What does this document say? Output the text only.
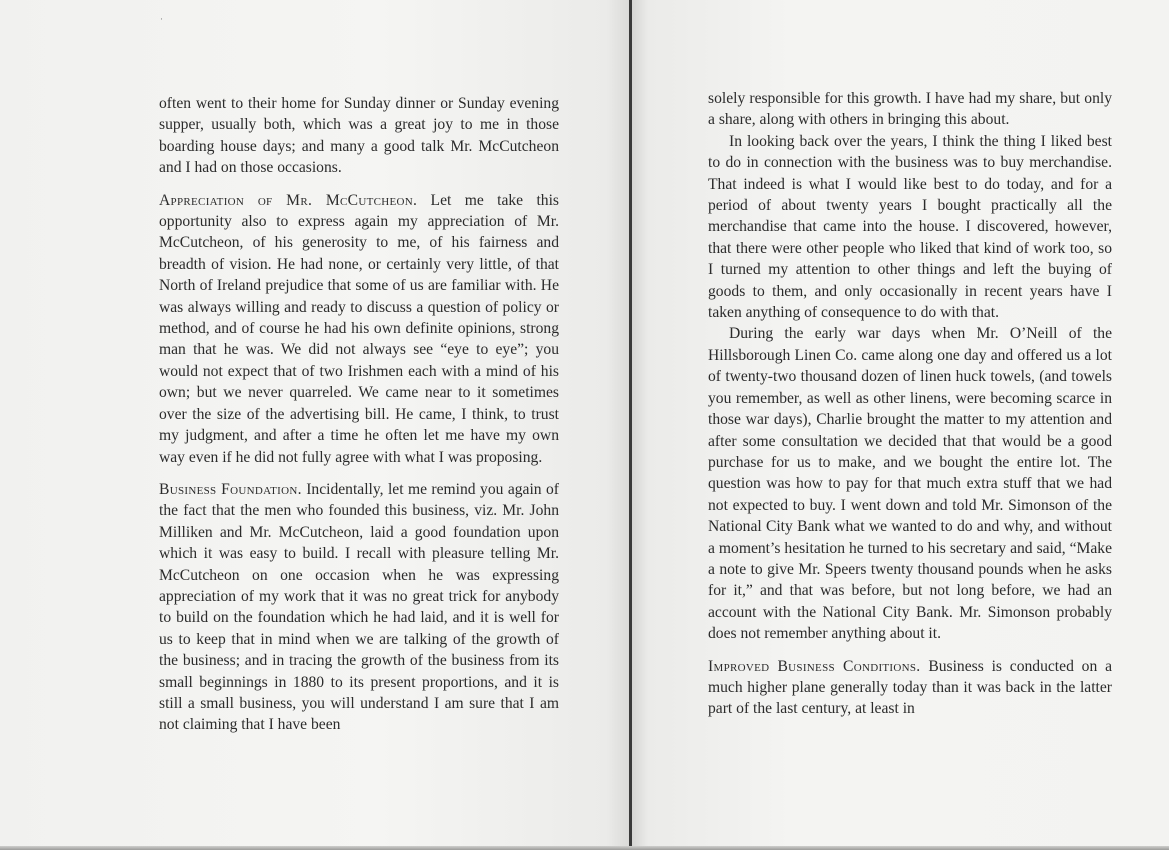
·

often went to their home for Sunday dinner or Sunday evening supper, usually both, which was a great joy to me in those boarding house days; and many a good talk Mr. McCutcheon and I had on those occasions.

Appreciation of Mr. McCutcheon. Let me take this opportunity also to express again my appreciation of Mr. McCutcheon, of his generosity to me, of his fairness and breadth of vision. He had none, or certainly very little, of that North of Ireland prejudice that some of us are familiar with. He was always willing and ready to discuss a question of policy or method, and of course he had his own definite opinions, strong man that he was. We did not always see “eye to eye”; you would not expect that of two Irishmen each with a mind of his own; but we never quarreled. We came near to it sometimes over the size of the advertising bill. He came, I think, to trust my judgment, and after a time he often let me have my own way even if he did not fully agree with what I was proposing.

Business Foundation. Incidentally, let me remind you again of the fact that the men who founded this business, viz. Mr. John Milliken and Mr. McCutcheon, laid a good foundation upon which it was easy to build. I recall with pleasure telling Mr. McCutcheon on one occasion when he was expressing appreciation of my work that it was no great trick for anybody to build on the foundation which he had laid, and it is well for us to keep that in mind when we are talking of the growth of the business; and in tracing the growth of the business from its small beginnings in 1880 to its present proportions, and it is still a small business, you will understand I am sure that I am not claiming that I have been

solely responsible for this growth. I have had my share, but only a share, along with others in bringing this about.

In looking back over the years, I think the thing I liked best to do in connection with the business was to buy merchandise. That indeed is what I would like best to do today, and for a period of about twenty years I bought practically all the merchandise that came into the house. I discovered, however, that there were other people who liked that kind of work too, so I turned my attention to other things and left the buying of goods to them, and only occasionally in recent years have I taken anything of consequence to do with that.

During the early war days when Mr. O’Neill of the Hillsborough Linen Co. came along one day and offered us a lot of twenty-two thousand dozen of linen huck towels, (and towels you remember, as well as other linens, were becoming scarce in those war days), Charlie brought the matter to my attention and after some consultation we decided that that would be a good purchase for us to make, and we bought the entire lot. The question was how to pay for that much extra stuff that we had not expected to buy. I went down and told Mr. Simonson of the National City Bank what we wanted to do and why, and without a moment’s hesitation he turned to his secretary and said, “Make a note to give Mr. Speers twenty thousand pounds when he asks for it,” and that was before, but not long before, we had an account with the National City Bank. Mr. Simonson probably does not remember anything about it.

Improved Business Conditions. Business is conducted on a much higher plane generally today than it was back in the latter part of the last century, at least in
